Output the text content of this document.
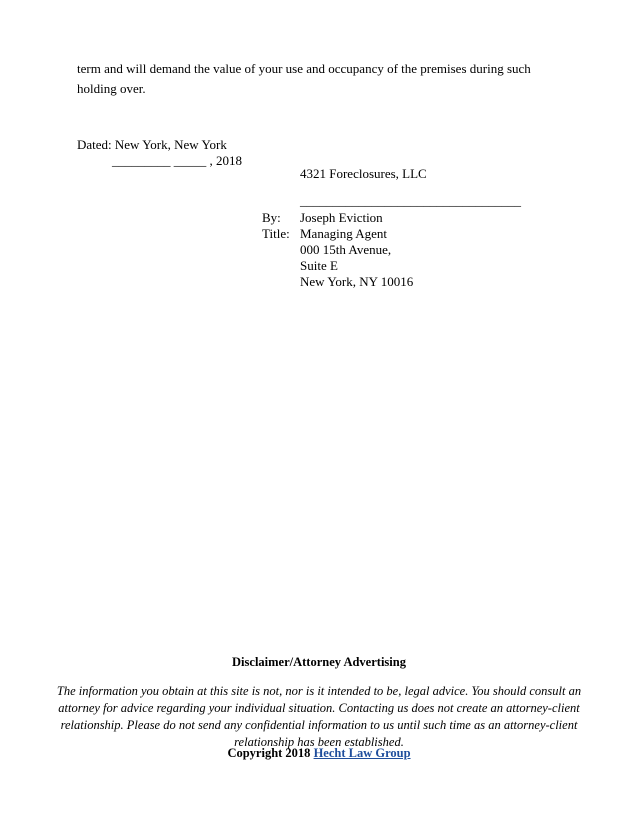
term and will demand the value of your use and occupancy of the premises during such holding over.
Dated: New York, New York
_________ _____ , 2018
4321 Foreclosures, LLC
__________________________________
By: Joseph Eviction
Title: Managing Agent
000 15th Avenue,
Suite E
New York, NY 10016
Disclaimer/Attorney Advertising
The information you obtain at this site is not, nor is it intended to be, legal advice. You should consult an attorney for advice regarding your individual situation. Contacting us does not create an attorney-client relationship. Please do not send any confidential information to us until such time as an attorney-client relationship has been established.
Copyright 2018 Hecht Law Group
